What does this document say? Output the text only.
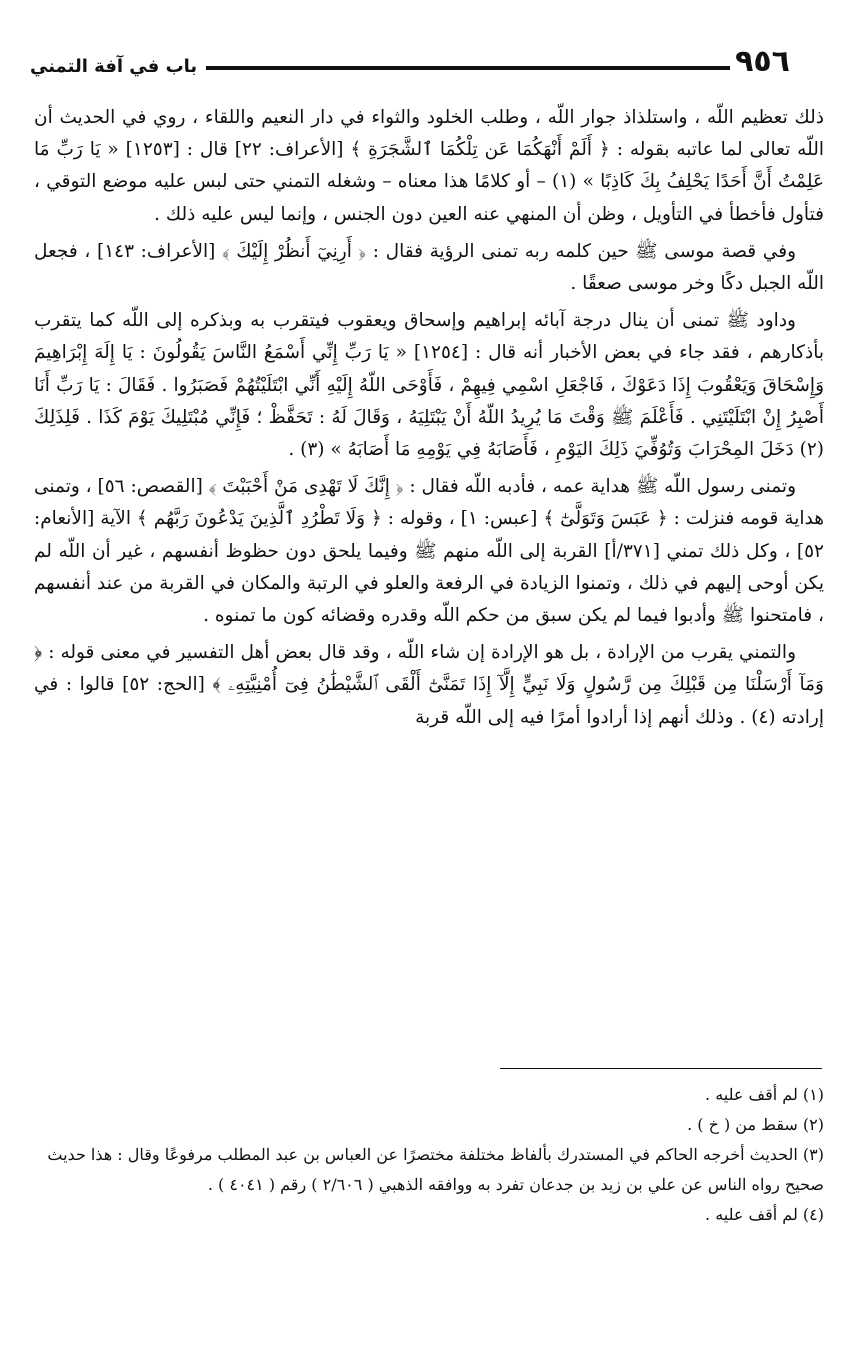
٩٥٦
باب في آفة التمني

ذلك تعظيم اللّه ، واستلذاذ جوار اللّه ، وطلب الخلود والثواء في دار النعيم واللقاء ، روي في الحديث أن اللّه تعالى لما عاتبه بقوله : ﴿ أَلَمْ أَنْهَكُمَا عَن تِلْكُمَا ٱلشَّجَرَةِ ﴾ [الأعراف: ٢٢] قال : [١٢٥٣] « يَا رَبِّ مَا عَلِمْتُ أَنَّ أَحَدًا يَحْلِفُ بِكَ كَاذِبًا » (١) – أو كلامًا هذا معناه – وشغله التمني حتى لبس عليه موضع التوقي ، فتأول فأخطأ في التأويل ، وظن أن المنهي عنه العين دون الجنس ، وإنما ليس عليه ذلك .

وفي قصة موسى ﷺ حين كلمه ربه تمنى الرؤية فقال : ﴿ أَرِنِيٓ أَنظُرْ إِلَيْكَ ﴾ [الأعراف: ١٤٣] ، فجعل اللّه الجبل دكًا وخر موسى صعقًا .

وداود ﷺ تمنى أن ينال درجة آبائه إبراهيم وإسحاق ويعقوب فيتقرب به وبذكره إلى اللّه كما يتقرب بأذكارهم ، فقد جاء في بعض الأخبار أنه قال : [١٢٥٤] « يَا رَبِّ إِنِّي أَسْمَعُ النَّاسَ يَقُولُونَ : يَا إِلَهَ إِبْرَاهِيمَ وَإِسْحَاقَ وَيَعْقُوبَ إِذَا دَعَوْكَ ، فَاجْعَلِ اسْمِي فِيهِمْ ، فَأَوْحَى اللّهُ إِلَيْهِ أَنِّي ابْتَلَيْتُهُمْ فَصَبَرُوا . فَقَالَ : يَا رَبِّ أَنَا أَصْبِرُ إِنْ ابْتَلَيْتَنِي . فَأَعْلَمَ ﷺ وَقْتَ مَا يُرِيدُ اللّهُ أَنْ يَبْتَلِيَهُ ، وَقَالَ لَهُ : تَحَفَّظْ ؛ فَإِنِّي مُبْتَلِيكَ يَوْمَ كَذَا . فَلِذَلِكَ (٢) دَخَلَ المِحْرَابَ وَتُوُفِّيَ ذَلِكَ اليَوْمِ ، فَأَصَابَهُ فِي يَوْمِهِ مَا أَصَابَهُ » (٣) .

وتمنى رسول اللّه ﷺ هداية عمه ، فأدبه اللّه فقال : ﴿ إِنَّكَ لَا تَهْدِى مَنْ أَحْبَبْتَ ﴾ [القصص: ٥٦] ، وتمنى هداية قومه فنزلت : ﴿ عَبَسَ وَتَوَلَّىٰٓ ﴾ [عبس: ١] ، وقوله : ﴿ وَلَا تَطْرُدِ ٱلَّذِينَ يَدْعُونَ رَبَّهُم ﴾ الآية [الأنعام: ٥٢] ، وكل ذلك تمني [٣٧١/أ] القربة إلى اللّه منهم ﷺ وفيما يلحق دون حظوظ أنفسهم ، غير أن اللّه لم يكن أوحى إليهم في ذلك ، وتمنوا الزيادة في الرفعة والعلو في الرتبة والمكان في القربة من عند أنفسهم ، فامتحنوا ﷺ وأدبوا فيما لم يكن سبق من حكم اللّه وقدره وقضائه كون ما تمنوه .

والتمني يقرب من الإرادة ، بل هو الإرادة إن شاء اللّه ، وقد قال بعض أهل التفسير في معنى قوله : ﴿ وَمَآ أَرْسَلْنَا مِن قَبْلِكَ مِن رَّسُولٍ وَلَا نَبِيٍّ إِلَّآ إِذَا تَمَنَّىٰٓ أَلْقَى ٱلشَّيْطَٰنُ فِىٓ أُمْنِيَّتِهِۦ ﴾ [الحج: ٥٢] قالوا : في إرادته (٤) . وذلك أنهم إذا أرادوا أمرًا فيه إلى اللّه قربة

(١) لم أقف عليه .

(٢) سقط من ( خ ) .

(٣) الحديث أخرجه الحاكم في المستدرك بألفاظ مختلفة مختصرًا عن العباس بن عبد المطلب مرفوعًا وقال : هذا حديث صحيح رواه الناس عن علي بن زيد بن جدعان تفرد به ووافقه الذهبي ( ٢/٦٠٦ ) رقم ( ٤٠٤١ ) .

(٤) لم أقف عليه .
